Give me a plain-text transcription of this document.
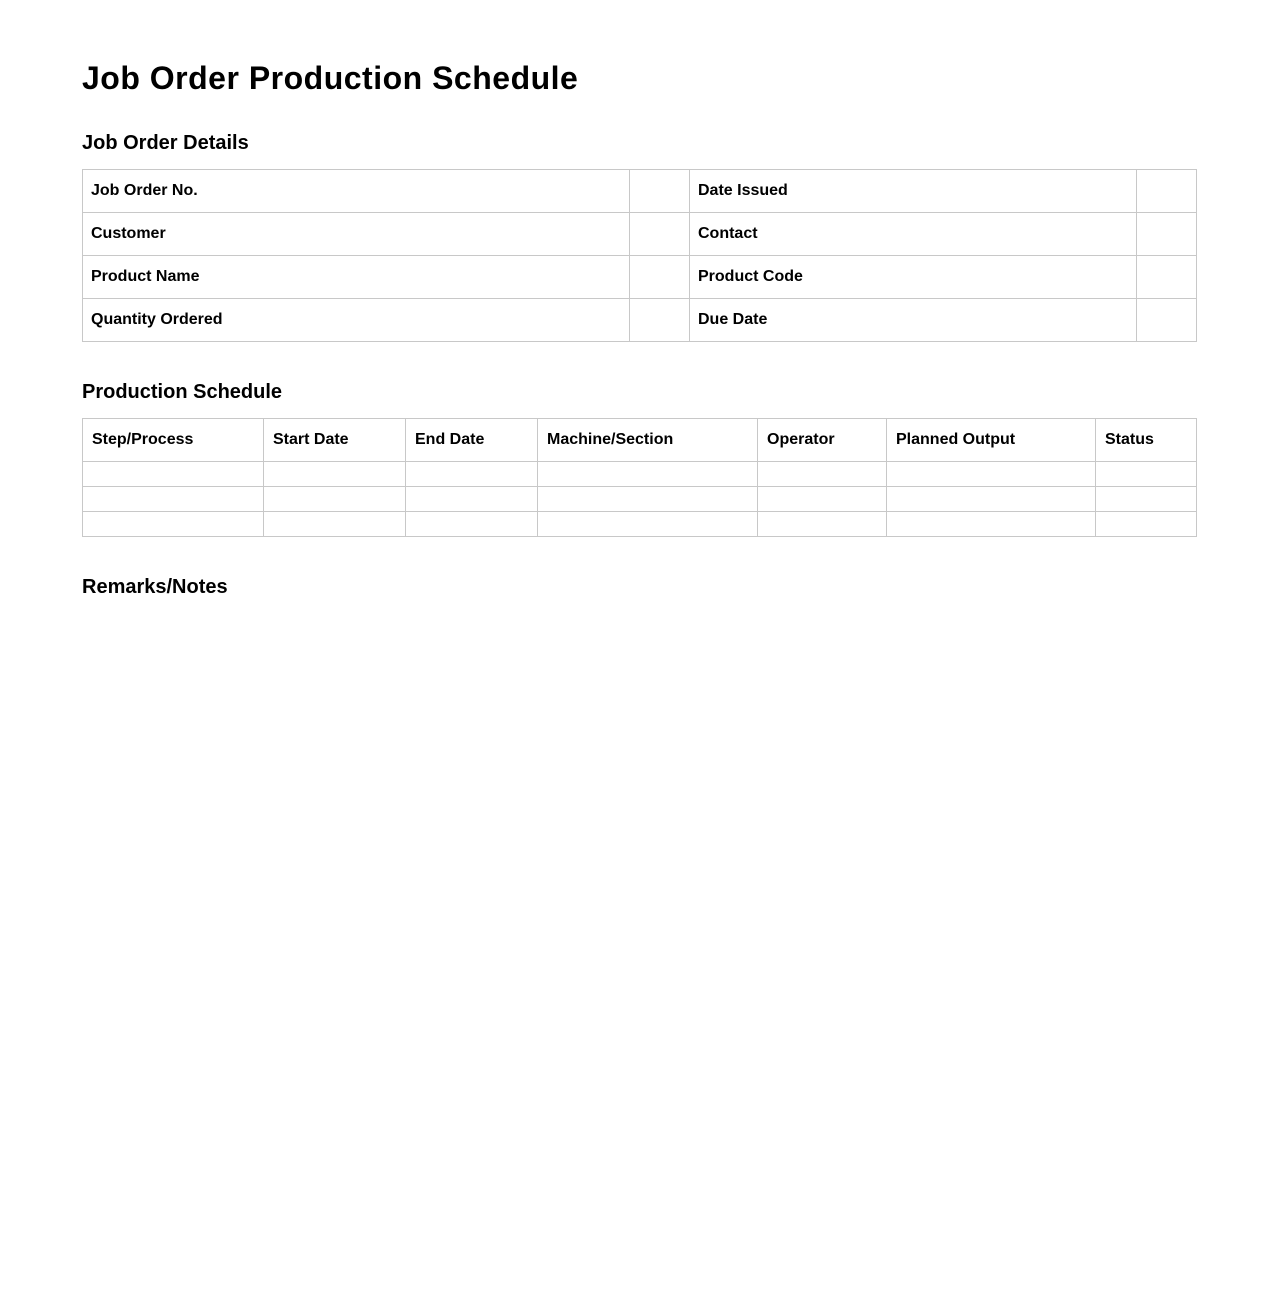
Job Order Production Schedule
Job Order Details
Job Order No.		Date Issued	
Customer		Contact	
Product Name		Product Code	
Quantity Ordered		Due Date	
Production Schedule
Step/Process	Start Date	End Date	Machine/Section	Operator	Planned Output	Status

Remarks/Notes
